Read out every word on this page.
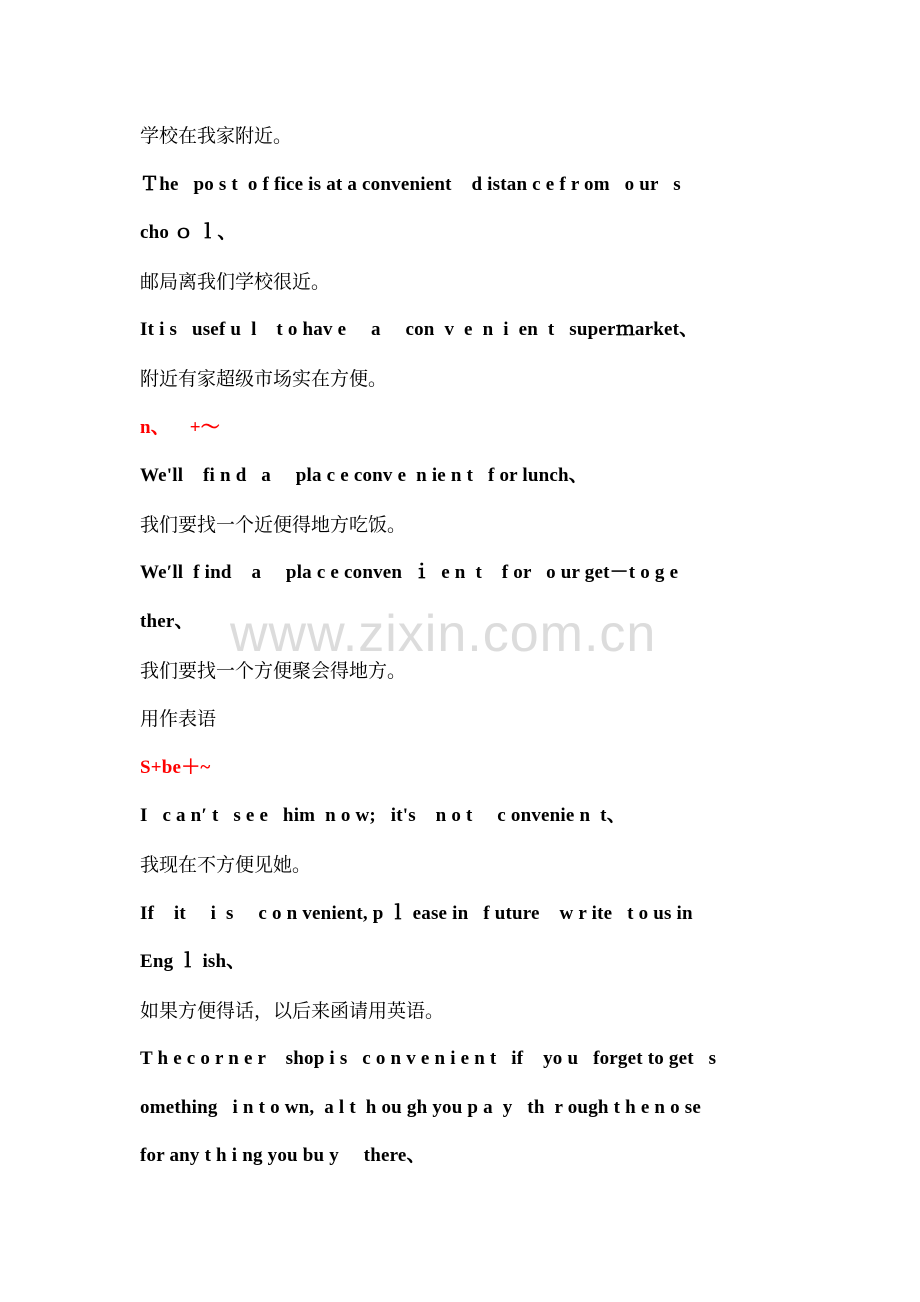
学校在我家附近。
Ｔhe   po s t  o f fice is at a convenient    d istan c e f r om   o ur   s
cho ｏ ｌ、
邮局离我们学校很近。
It i s   usef u  l    t o hav e     a     con  v  e  n  i  en  t   superｍarket、
附近有家超级市场实在方便。
n、    +～
We'll    fi n d   a     pla c e conv e  n ie n t   f or lunch、
我们要找一个近便得地方吃饭。
We′ll  f ind    a     pla c e conven  ｉ  e n  t    f or   o ur get－t o g e
ther、
我们要找一个方便聚会得地方。
用作表语
S+be＋~
I   c a n′ t   s e e   him  n o w;   it's    n o t     c onvenie n  t、
我现在不方便见她。
If    it     i  s     c o n venient, p ｌ ease in   f uture    w r ite   t o us in
Eng ｌ ish、
如果方便得话，以后来函请用英语。
T h e c o r n e r    shop i s   c o n v e n i e n t   if    yo u   forget to get   s
omething   i n t o wn,  a l t  h ou gh you p a  y   th  r ough t h e n o se
for any t h i ng you bu y     there、
www.zixin.com.cn
